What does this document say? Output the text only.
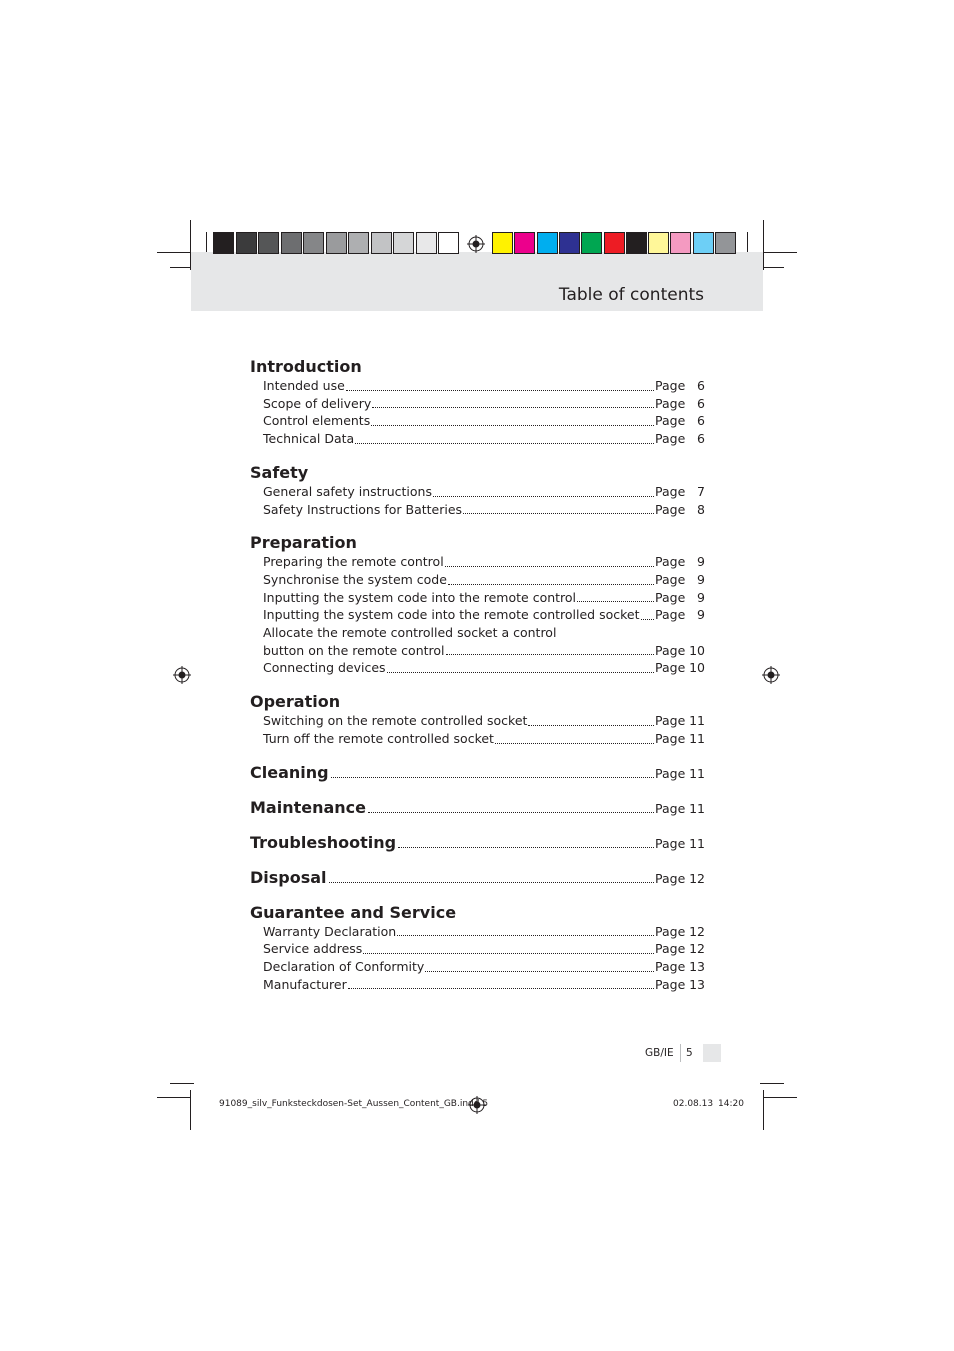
Table of contents
Introduction
Intended use	Page 6
Scope of delivery	Page 6
Control elements	Page 6
Technical Data	Page 6
Safety
General safety instructions	Page 7
Safety Instructions for Batteries	Page 8
Preparation
Preparing the remote control	Page 9
Synchronise the system code	Page 9
Inputting the system code into the remote control	Page 9
Inputting the system code into the remote controlled socket Page 9
Allocate the remote controlled socket a control
button on the remote control	Page 10
Connecting devices	Page 10
Operation
Switching on the remote controlled socket	Page 11
Turn off the remote controlled socket	Page 11
Cleaning	Page 11
Maintenance	Page 11
Troubleshooting	Page 11
Disposal	Page 12
Guarantee and Service
Warranty Declaration	Page 12
Service address	Page 12
Declaration of Conformity	Page 13
Manufacturer	Page 13
GB/IE 5
91089_silv_Funksteckdosen-Set_Aussen_Content_GB.indd 5	02.08.13 14:20
